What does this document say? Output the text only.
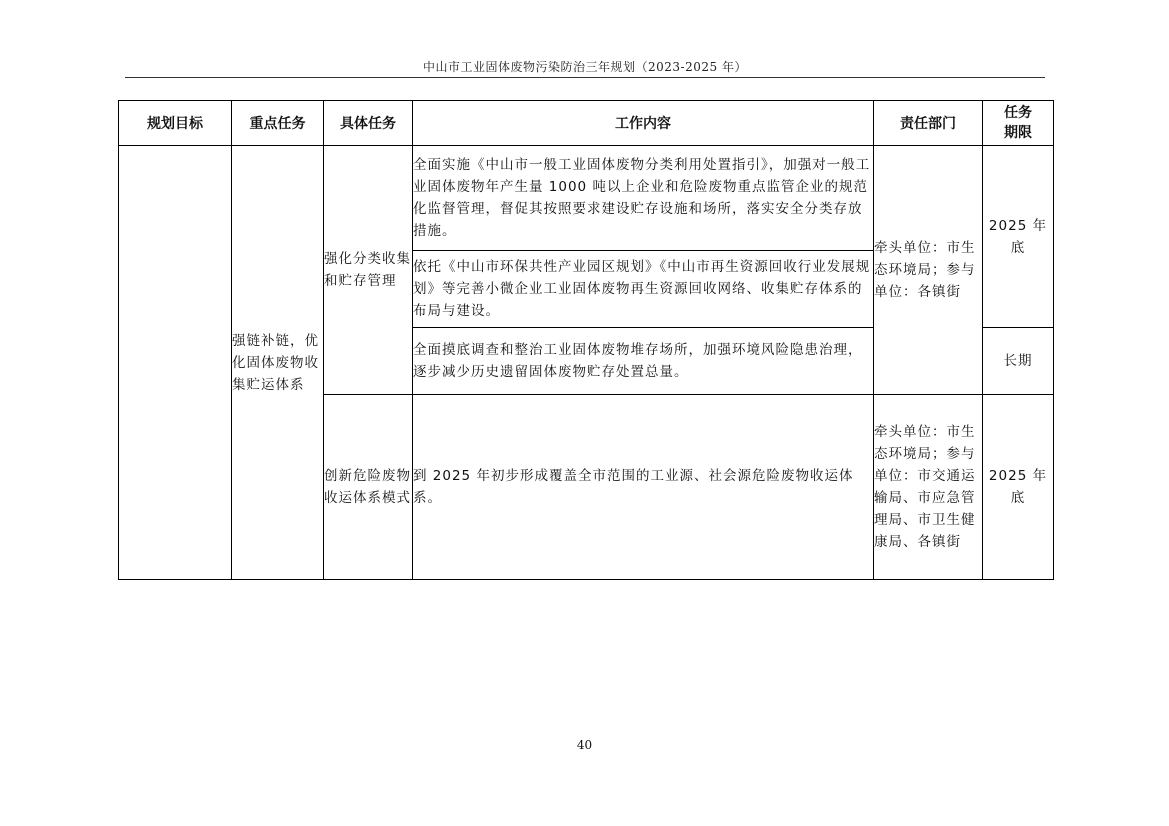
中山市工业固体废物污染防治三年规划（2023-2025 年）
规划目标	重点任务	具体任务	工作内容	责任部门	任务
期限
	强链补链，优化固体废物收集贮运体系	强化分类收集和贮存管理	全面实施《中山市一般工业固体废物分类利用处置指引》，加强对一般工业固体废物年产生量 1000 吨以上企业和危险废物重点监管企业的规范化监督管理，督促其按照要求建设贮存设施和场所，落实安全分类存放措施。	牵头单位：市生态环境局；参与单位：各镇街	2025 年底
			依托《中山市环保共性产业园区规划》《中山市再生资源回收行业发展规划》等完善小微企业工业固体废物再生资源回收网络、收集贮存体系的布局与建设。		
			全面摸底调查和整治工业固体废物堆存场所，加强环境风险隐患治理，逐步减少历史遗留固体废物贮存处置总量。		长期
		创新危险废物收运体系模式	到 2025 年初步形成覆盖全市范围的工业源、社会源危险废物收运体系。	牵头单位：市生态环境局；参与单位：市交通运输局、市应急管理局、市卫生健康局、各镇街	2025 年底
40
